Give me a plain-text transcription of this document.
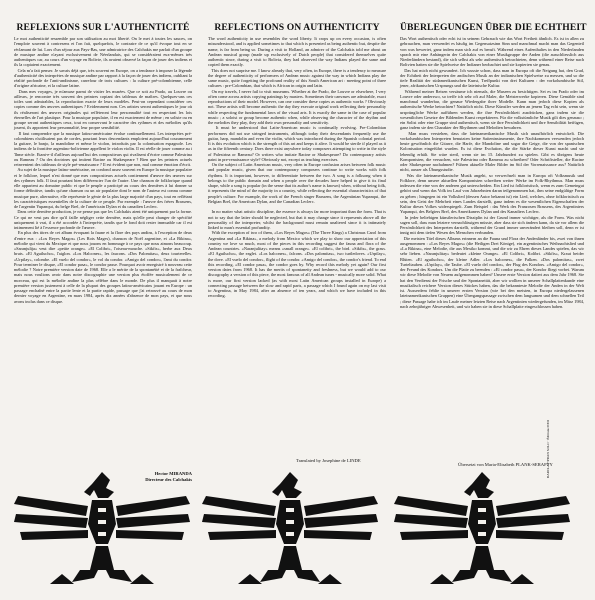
REFLEXIONS SUR L'AUTHENTICITÉ

Le mot authenticité ressemble par son utilisation au mot liberté. On le met à toutes les sauces, on l'emploie souvent à contresens et l'on fait, quelquefois, le contraire de ce qu'il évoque tout en se réclamant de lui. Lors d'un séjour aux Pays-Bas, une admiratrice des Calchakis me parlait d'un groupe de musique andine n'ayant exclusivement de Néerlandais, qui se considéraient eux-mêmes très authentiques car, au cours d'un voyage en Bolivie, ils avaient observé la façon de jouer des indiens et ils la copiaient exactement.
Cela m'a fait penser. Je savais déjà que, très souvent en Europe, on a tendance à imposer la légende d'authenticité des interprètes de musique andine par rapport à la façon de jouer des indiens, oubliant la réalité profonde de l'anti-andinisme, carrefour de trois cultures : la culture pré-colombienne, celle d'origine africaine, et la culture latine.
Dans mes voyages, je m'amuse parmi de visiter les musées. Que ce soit au Prado, au Louvre ou ailleurs, je rencontre très souvent des peintres copiant des tableaux de maîtres. Quelques-uns ces toiles sont admirables, la reproduction exacte de leurs modèles. Peut-on cependant considérer ces copies comme des œuvres authentiques ? Evidemment non. Ces artistes seront authentiques le jour où ils réaliseront des œuvres originales qui reflèteront leur personnalité tout en respectant les lois éternelles de l'art plastique. Pour la musique populaire, il en est exactement de même ; en soliste ou en groupe seront authentiques ceux, tout en conservant le caractère des rythmes et des mélodies qu'ils jouent, ils apportent leur personnalité, leur propre sensibilité.
Il faut comprendre que la musique latino-américaine évolue continuellement. Les interprètes pré-colombiens n'utilisaient pas de cordes, pourtant leurs descendants emploient aujourd'hui couramment la guitare, le banjo, la mandoline et même le violon, introduits par la colonisation espagnole. Les indiens de la frontière argentino-bolivienne appellent le violon violin. Il est réelle de jouer comme au i 'lhme siècle. Etant-e-il d'ailleurs aujourd'hui des compositeurs qui rivalisent d'écrire comme Palestrina ou Rameau ? Ou des doctrines qui imitent Racine ou Shakespeare ? Bien que les peintres actuels reinventent des tableaux de style pré-renaissance ? Il est évident que non, mal comme émotion d'écrit.
Au sujet de la musique latino-américaine, on confond assez souvent en Europe la musique populaire et le folklore, lequel n'est donné que mes compositeurs actuels contiennent d'œuvre des œuvres sur des rythmes folk. Il faut pourtant bien différencier l'un de l'autre. Une chanson de folklorique quand elle apparient au domaine public et que le peuple a participé au cours des dernières à lui donner sa forme définitive, tandis qu'une chanson ou un air populaire dont le nom de l'auteur est connu comme musique pure, alternative, elle représente le génie de la plus large majorité d'un pays, tout en reflétant les caractéristiques essentielles de la culture de ce peuple. Par exemple : l'œuvre des frères Brassens, de l'argentin Yupanqui, du belge Brel, de l'américain Dylan et du canadien Leclerc.
Dans cette dernière production, je ne pense pas que les Calchakis aient été uniquement par la forme. Ce qui ne veut pas dire qu'il faille négliger cette dernière, mais qu'elle peut changer de spécifité uniquement à vrai, il a été accordée à l'interprète, tandis que le fond doit rester immuable car il est intimement lié à l'essence profonde de l'œuvre.
En plus des titres de cet album évoquant la faune et la flore des pays andins, à l'exception de deux d'entre eux : «Los Reyes Magos» (Les Rois Mages), chanson de Noël argentine, et «La Bikina», mélodie qui vient du Mexique et que nous jouons en hommage à ce pays que nous aimons beaucoup. «Saranjulija» veut dire «petite orange». «El Colibri», l'oiseau-mouche. «Sikfis», herbe aux Deux bruts. «El Aguilucho», l'aiglon. «Los Halcones», les faucons. «Dos Palomitas», deux tourterelles. «Urpilay», colombe. «El vuelo del condor», le vol du condor. «Amigo del condor», l'ami du condor. Pour terminer le disque, «El condor pasa», le condor passe. Pourquoi avoir enregistré à nouveau cette mélodie ? Notre première version date de 1968. Elle a le mérite de la spontanéité et de la fraîcheur, mais nous voulions avoir dans notre discographie une version plus étoffée musicalement de ce morceau, qui est la mélodie andine la plus célèbre dans le monde. De plus il manquait à notre première version justement à celle de la plupart des groupes latino-américains jouant en Europe : un passage enchaîné entre la partie lente et la partie rapide, passage que j'ai retrouvé au cours de mon dernier voyage en Argentine, en mars 1984, après dix années d'absence de mon pays, et que nous avons inclus dans ce disque.

Hector MIRANDA
Directeur des Calchakis
REFLECTIONS ON AUTHENTICITY

The word authenticity in use resembles the word liberty. It crops up on every occasion, is often misunderstood, and is applied sometimes to that which is presented as being authentic but, despite the name, is far from being so. During a visit to Holland, an admirer of the Calchakis told me about an Andean musical group (made up exclusively of Dutch people) that considered themselves quite authentic since, during a visit to Bolivia, they had observed the way Indians played the same and copied them exactly.
This does not surprise me. I know already that, very often, in Europe, there is a tendency to measure the degree of authenticity of performers of Andean music against the way in which Indians play the same music, quite forgetting the profound reality of this South American art : meeting point of three cultures : pre-Colombian, that which is African in origin and latin.
On my travels, I never fail to visit museums. Whether at the Prado, the Louvre or elsewhere, I very often come across artists copying paintings by masters. Sometimes their canvases are admirable, exact reproductions of their model. However, can one consider these copies as authentic works ? Obviously not. These artists will become authentic the day they execute original work reflecting their personality while respecting the fundamental laws of the visual arts. It is exactly the same in the case of popular music ; a soloist or group become authentic when, while observing the character of the rhythm and the melodies they play, they add their own personality and sensitivity.
It must be understood that Latin-American music is continually evolving. Pre-Colombian performers did not use stringed instruments, although today their descendants frequently use the guitar, harp, mandolin and even the violin, which was introduced during the Spanish colonial period. It is this evolution which is the strength of this art and keeps it alive. It would be sterile if played as it as in the fifteenth century. Does there exist anywhere today composers attempting to write in the style of Palestrina or Rameau? Or writers who imitate Racine or Shakespeare? Do contemporary artists paint in pre-renaissance style? Obviously not, except as teaching exercises.
On the subject of Latin American music, very often in Europe confusion arises between folk music and popular music, given that our contemporary composers continue to write works with folk rhythms. It is important, however, to differentiate between the two. A song is a folksong when it belongs to the public domain and when a people over the decades have helped to give it its final shape, while a song is popular (in the sense that its author's name is known) when, without being folk, it represents the mind of the majority in a country, while reflecting the essential characteristics of that people's culture. For example, the work of the French singer Brassens, the Argentinian Yupanqui, the Belgian Brel, the American Dylan, and the Canadian Leclerc.

In no matter what artistic discipline, the essence is always far more important than the form. That is not to say that the latter should be neglected, but that it may change since it represents above all the personality of the interpreter, whilst the background must remain unaltered since it is intimately linked to man's essential profundity.
With the exception of two of them, «Los Reyes Magos» (The Three Kings) a Christmas Carol from Argentina and «La Bikina», a melody from Mexico which we play to show our appreciation of this country we love so much, most of the pieces in this recording suggest the fauna and flora of the Andean countries. «Naranjulitay» means «small orange». «El colibri», the bird. «Sikfis», the grass. «El Aguilucho», the eaglet. «Los halcones», falcons. «Dos palomitas», two turtledoves. «Urpilay», the dove. «El vuelo del condor», flight of the condor. «Amigo del condor», the condor's friend. To end this recording, «El condor pasa», the condor goes by. Why record this melody yet again? Our first version dates from 1968. It has the merits of spontaneity and freshness, but we would add to our discography a version of this piece, the most famous of all Andean tunes - musically more solid. What is more, our first version lacked (as with most Latin American groups installed in Europe) a connecting passage between the slow and rapid parts, a passage which I found again on my last visit to Argentina, in May 1984, after an absence of ten years, and which we have included in this recording.

ÜBERLEGUNGEN ÜBER DIE ECHTHEIT

Das Wort authentisch oder echt ist in seinem Gebrauch wie das Wort Freiheit ähnlich. Es ist in allen zu gebrauchen, man verwendet es häufig im Gegensatzsinn Sinn und manchmal macht man das Gegenteil von was bewertet, ganz indem man sich auf es beruft. Während eines Aufenthaltes in den Niederlanden sprach mir eine Anhängerin der Calchakis von einer Musikgruppe der Anden (die ausschliesslich aus Niederländern bestand), die sich selbst als sehr authentisch betrachteten, denn während einer Reise nach Bolivien hatten sie die Spielweise der Indianer beobachtet und sie kopierten sie genau.
Das hat mich nicht gewundert. Ich wusste schon, dass man in Europa oft die Neigung hat, den Grad, der Echtheit der Interpreten der andischen Musik an der indianischen Spielweise zu messen, und so die tiefe Realität der südamerikanischen Kunst, Treffpunkt von drei Kulturen : der vorkolumbische Stil, jener, afrikanischen Ursprungs und die lateinische Kultur.
Während meiner Reisen versäume ich niemals, die Museen zu besichtigen. Sei es im Prado oder im Louvre oder anderswo, so treffe ich sehr oft auf Maler, die Meisterwerke kopieren. Diese Gemälde sind manchmal wunderbar, die genaue Wiedergabe ihrer Modelle. Kann man jedoch diese Kopien als authentische Werke betrachten? Natürlich nicht. Diese Künstler werden an jenem Tag echt sein, wenn sie ursprüngliche Werke aufführen werden, die ihre Persönlichkeit ausdrücken, ganz indem sie die wesentlichen Gesetze der Bildenden Kunst respektieren. Für die volkstümliche Musik gilt dies genauso ; ein Solist oder eine Gruppe sind authentisch, wenn sie ihre Persönlichkeit und ihre Sensibilität beifügen, ganz indem sie den Charakter der Rhythmen und Melodien bewahren.
Man muss verstehen, dass die lateinamerikanische Musik sich unaufhörlich entwickelt. Die vorkolumbischen Interpreten benutzten keine Saiteninstrumente, ihre Nachkommen verwenden jedoch heute gewöhnlich die Gitarre, die Harfe, die Mandoline und sogar die Geige, die von der spanischen Kolonisation eingeführt wurden. Es ist diese Evolution, die die Stärke dieser Kunst macht und sie lebendig erhält. Sie wäre steril, wenn sie im 15. Jahrhundert zu spielen. Gibt es übrigens heute Komponisten, die versuchen, wie Palestrina oder Rameau zu schreiben? Oder Schriftsteller, die Racine oder Shakespeare nachahmen? Führen aktuelle Maler Bilder im Stil der Vorrenaissance aus? Natürlich nicht, ausser als Übungsstudie.
Was die lateinamerikanische Musik angeht, so verwechselt man in Europa oft Volksmusik und Folklore, denn unsere aktuellen Komponisten schreiben weiter Werke im Folk-Rhythmus. Man muss indessen die eine von der anderen gut unterscheiden. Ein Lied ist folkloristisch, wenn es zum Gemeingut gehört und wenn das Volk im Lauf von Jahrzehnten daran teilgenommen hat, ihm seine endgültige Form zu geben ; hingegen ist ein Volkslied (dessen Autor bekannt ist) ein Lied, welches, ohne folkloristisch zu sein, den Geist der Mehrheit eines Landes darstellt, ganz indem es die wesentlichen Eigenschaften der Kultur dieses Volkes widerspiegelt. Zum Beispiel : das Werk des Franzosen Brassens, des Argentiniers Yupanqui, des Belgiers Brel, des Amerikaners Dylan und des Kanadiers Leclerc.
In jeder beliebigen künstlerischen Disziplin ist der Grund immer wichtiger, als die Form. Was nicht sagen soll, dass man letztere vernachlässigen müsste, aber dass sie sich ändern kann, da sie vor allem die Persönlichkeit des Interpreten darstellt, während der Grund immer unverändert bleiben soll, denn er ist innig mit dem tiefen Wesen des Menschen verbunden.
Die meisten Titel dieses Albums erinnern an die Fauna und Flora der Andenländer bis, zwei von ihnen ausgenommen : «Los Reyes Magos» (die Heiligen Drei Könige), ein argentinisches Weihnachtslied und «La Bikina», eine Melodie, die aus Mexiko kommt, und die wir zu Ehren dieses Landes spielen, das wir sehr lieben. «Naranjulitay» bedeutet «kleine Orange». «El Colibri», Kolibri. «Sikfis», Kraut beider Blüten. «El aguilucho», der kleine Adler. «Los halcones», die Falken. «Dos palomitas», zwei Turteltauben. «Urpilay», die Taube. «El vuelo del condor», der Flug des Kondors. «Amigo del condor», der Freund des Kondors. Um die Platte zu beenden : «El condor pasa», der Kondor fliegt vorbei. Warum wir diese Melodie von Neuem aufgenommen haben? Unsere erste Version datiert aus dem Jahr 1968. Sie hat den Verdienst der Frische und der Spontaneität, aber wir wollten in unserer Schallplattenkunde eine musikalisch reichere Version dieses Stückes haben, das die bekannteste Melodie der Anden in der Welt ist. Ausserdem fehlte in unserer ersten Version (wie bei den meisten, in Europa niedergelassenen lateinamerikanischen Gruppen) eine Übergangspassage zwischen dem langsamen und dem schnellen Teil ; diese Passage habe ich im Laufe meiner letzten Reise nach Argentinien wiedergefunden, im März 1984, nach zehnjähriger Abwesenheit, und wir haben sie in diese Schallplatte eingeschlossen haben.

Translated by Josephine de LINDE
Übersetzt von Maria-Elisabeth PLANK-SERAFTY
BARCLAY/PRAN SOLO · Éditions MMI
